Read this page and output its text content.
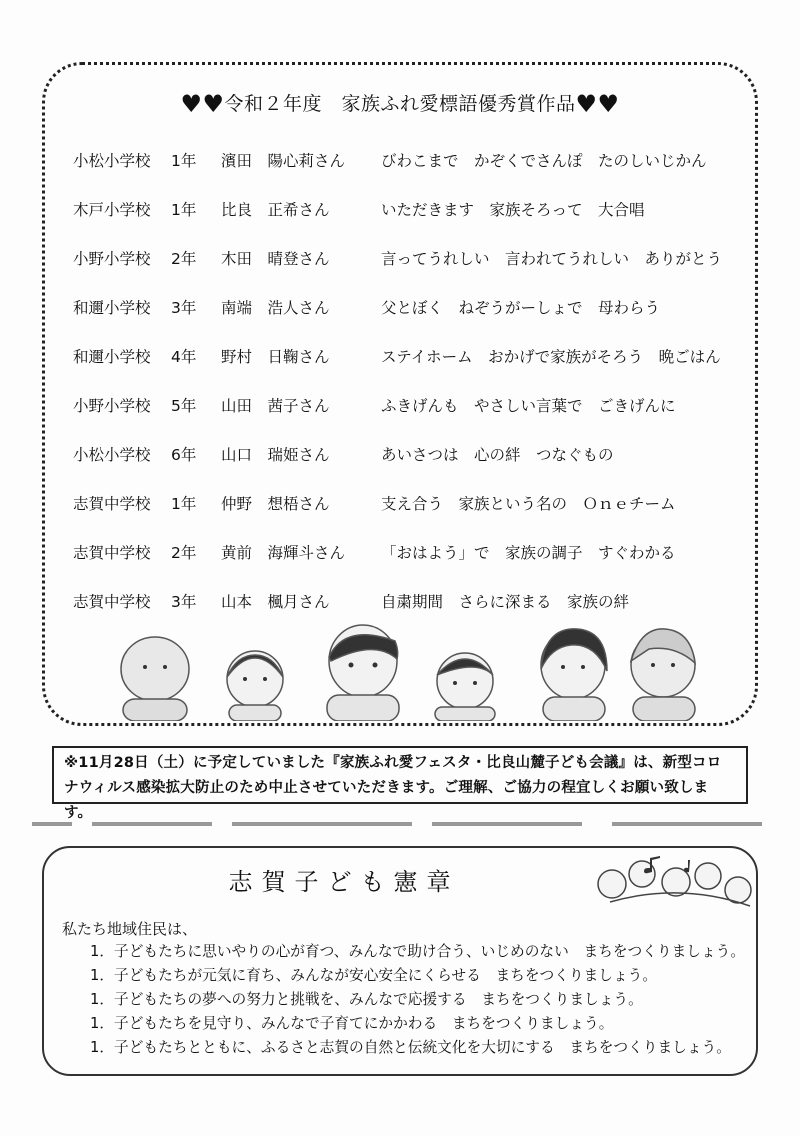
♥♥令和２年度　家族ふれ愛標語優秀賞作品♥♥
小松小学校 1年 濱田　陽心莉さん びわこまで　かぞくでさんぽ　たのしいじかん
木戸小学校 1年 比良　正希さん	いただきます　家族そろって　大合唱
小野小学校 2年 木田　晴登さん	言ってうれしい　言われてうれしい　ありがとう
和邇小学校 3年 南端　浩人さん	父とぼく　ねぞうがーしょで　母わらう
和邇小学校 4年 野村　日鞠さん	ステイホーム　おかげで家族がそろう　晩ごはん
小野小学校 5年 山田　茜子さん	ふきげんも　やさしい言葉で　ごきげんに
小松小学校 6年 山口　瑞姫さん	あいさつは　心の絆　つなぐもの
志賀中学校 1年 仲野　想梧さん	支え合う　家族という名の　Ｏｎｅチーム
志賀中学校 2年 黄前　海輝斗さん 「おはよう」で　家族の調子　すぐわかる
志賀中学校 3年 山本　楓月さん	自粛期間　さらに深まる　家族の絆
※11月28日（土）に予定していました『家族ふれ愛フェスタ・比良山麓子ども会議』は、新型コロナウィルス感染拡大防止のため中止させていただきます。ご理解、ご協力の程宜しくお願い致します。
志賀子ども憲章
私たち地域住民は、
1．子どもたちに思いやりの心が育つ、みんなで助け合う、いじめのない　まちをつくりましょう。
1．子どもたちが元気に育ち、みんなが安心安全にくらせる　まちをつくりましょう。
1．子どもたちの夢への努力と挑戦を、みんなで応援する　まちをつくりましょう。
1．子どもたちを見守り、みんなで子育てにかかわる　まちをつくりましょう。
1．子どもたちとともに、ふるさと志賀の自然と伝統文化を大切にする　まちをつくりましょう。
